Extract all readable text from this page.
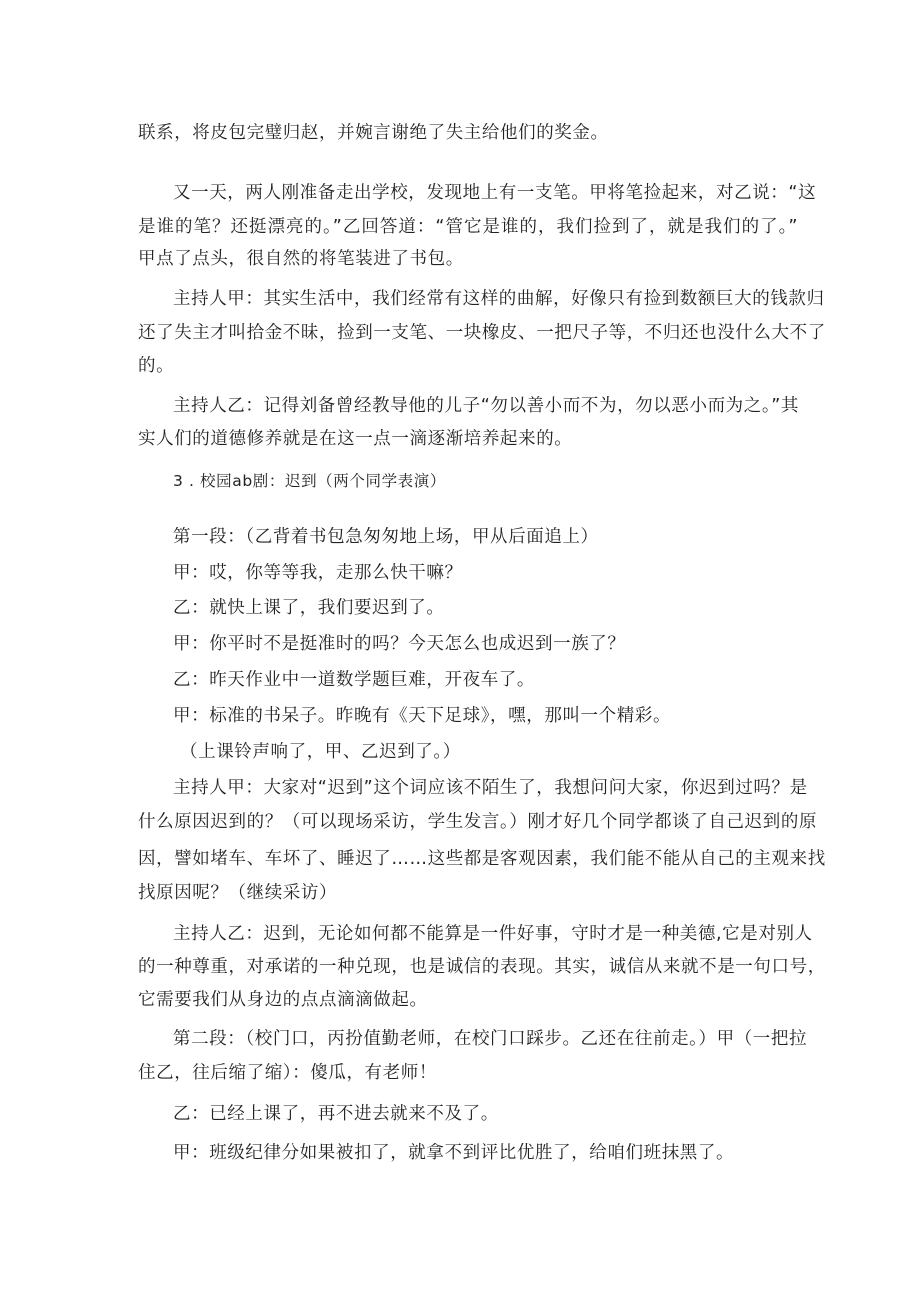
联系，将皮包完璧归赵，并婉言谢绝了失主给他们的奖金。
又一天，两人刚准备走出学校，发现地上有一支笔。甲将笔捡起来，对乙说：“这
是谁的笔？还挺漂亮的。”乙回答道：“管它是谁的，我们捡到了，就是我们的了。”
甲点了点头，很自然的将笔装进了书包。
主持人甲：其实生活中，我们经常有这样的曲解，好像只有捡到数额巨大的钱款归
还了失主才叫拾金不昧，捡到一支笔、一块橡皮、一把尺子等，不归还也没什么大不了
的。
主持人乙：记得刘备曾经教导他的儿子“勿以善小而不为，勿以恶小而为之。”其
实人们的道德修养就是在这一点一滴逐渐培养起来的。
3 . 校园ab剧：迟到（两个同学表演）
第一段：（乙背着书包急匆匆地上场，甲从后面追上）
甲：哎，你等等我，走那么快干嘛？
乙：就快上课了，我们要迟到了。
甲：你平时不是挺准时的吗？今天怎么也成迟到一族了？
乙：昨天作业中一道数学题巨难，开夜车了。
甲：标准的书呆子。昨晚有《天下足球》，嘿，那叫一个精彩。
（上课铃声响了，甲、乙迟到了。）
主持人甲：大家对“迟到”这个词应该不陌生了，我想问问大家，你迟到过吗？是
什么原因迟到的？（可以现场采访，学生发言。）刚才好几个同学都谈了自己迟到的原
因，譬如堵车、车坏了、睡迟了……这些都是客观因素，我们能不能从自己的主观来找
找原因呢？（继续采访）
主持人乙：迟到，无论如何都不能算是一件好事，守时才是一种美德,它是对别人
的一种尊重，对承诺的一种兑现，也是诚信的表现。其实，诚信从来就不是一句口号，
它需要我们从身边的点点滴滴做起。
第二段：（校门口，丙扮值勤老师，在校门口踩步。乙还在往前走。）甲（一把拉
住乙，往后缩了缩）：傻瓜，有老师！
乙：已经上课了，再不进去就来不及了。
甲：班级纪律分如果被扣了，就拿不到评比优胜了，给咱们班抹黑了。
